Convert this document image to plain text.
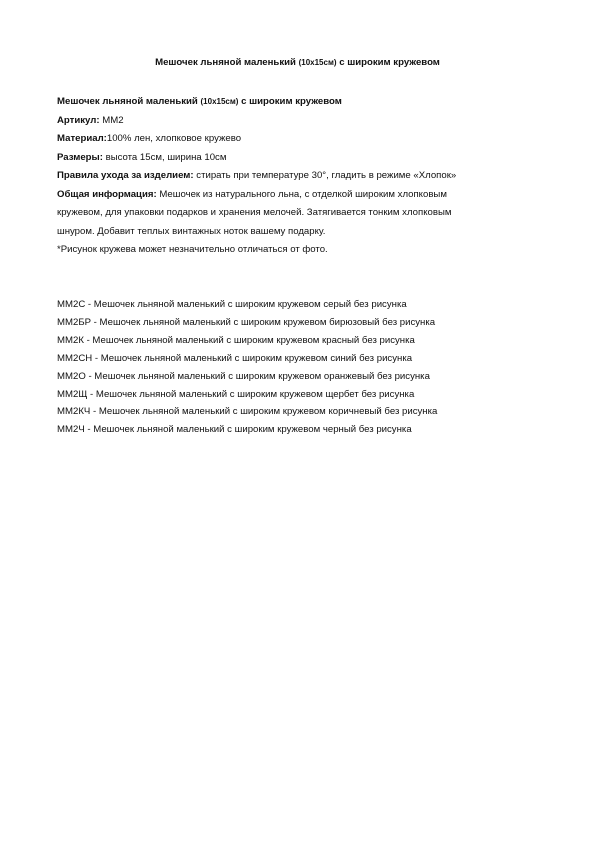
Мешочек льняной маленький (10x15см) с широким кружевом
Мешочек льняной маленький (10x15см) с широким кружевом
Артикул: ММ2
Материал:100% лен, хлопковое кружево
Размеры: высота 15см, ширина 10см
Правила ухода за изделием: стирать при температуре 30°, гладить в режиме «Хлопок»
Общая информация: Мешочек из натурального льна, с отделкой широким хлопковым
кружевом, для упаковки подарков и хранения мелочей. Затягивается тонким хлопковым
шнуром. Добавит теплых винтажных ноток вашему подарку.
*Рисунок кружева может незначительно отличаться от фото.
ММ2С - Мешочек льняной маленький с широким кружевом серый без рисунка
ММ2БР - Мешочек льняной маленький с широким кружевом бирюзовый без рисунка
ММ2К - Мешочек льняной маленький с широким кружевом красный без рисунка
ММ2СН - Мешочек льняной маленький с широким кружевом синий без рисунка
ММ2О - Мешочек льняной маленький с широким кружевом оранжевый без рисунка
ММ2Щ - Мешочек льняной маленький с широким кружевом щербет без рисунка
ММ2КЧ - Мешочек льняной маленький с широким кружевом коричневый без рисунка
ММ2Ч - Мешочек льняной маленький с широким кружевом черный без рисунка
